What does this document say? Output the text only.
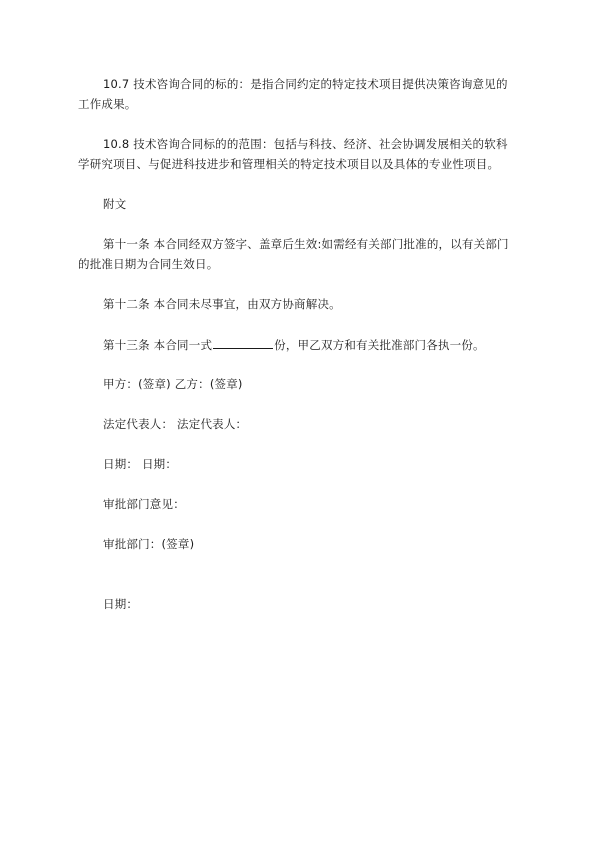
10.7 技术咨询合同的标的：是指合同约定的特定技术项目提供决策咨询意见的
工作成果。
10.8 技术咨询合同标的的范围：包括与科技、经济、社会协调发展相关的软科
学研究项目、与促进科技进步和管理相关的特定技术项目以及具体的专业性项目。
附文
第十一条 本合同经双方签字、盖章后生效:如需经有关部门批准的，以有关部门
的批准日期为合同生效日。
第十二条 本合同未尽事宜，由双方协商解决。
第十三条 本合同一式	份，甲乙双方和有关批准部门各执一份。
甲方：(签章) 乙方：(签章)
法定代表人： 法定代表人：
日期： 日期：
审批部门意见：
审批部门：(签章)
日期：
